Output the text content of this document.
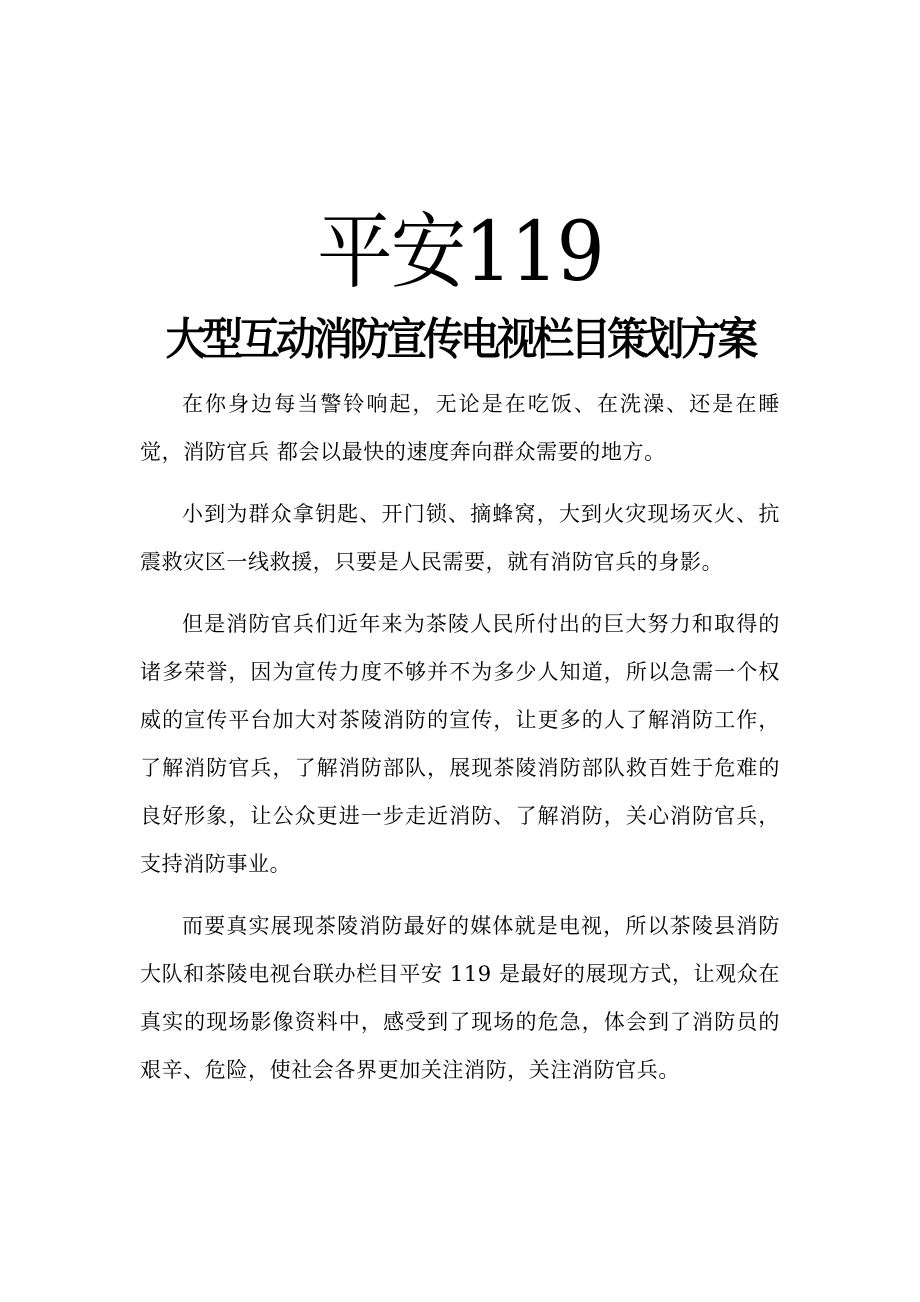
平安119
大型互动消防宣传电视栏目策划方案

在你身边每当警铃响起，无论是在吃饭、在洗澡、还是在睡觉，消防官兵 都会以最快的速度奔向群众需要的地方。

小到为群众拿钥匙、开门锁、摘蜂窝，大到火灾现场灭火、抗震救灾区一线救援，只要是人民需要，就有消防官兵的身影。

但是消防官兵们近年来为茶陵人民所付出的巨大努力和取得的诸多荣誉，因为宣传力度不够并不为多少人知道，所以急需一个权威的宣传平台加大对茶陵消防的宣传，让更多的人了解消防工作，了解消防官兵，了解消防部队，展现茶陵消防部队救百姓于危难的良好形象，让公众更进一步走近消防、了解消防，关心消防官兵，支持消防事业。

而要真实展现茶陵消防最好的媒体就是电视，所以茶陵县消防大队和茶陵电视台联办栏目平安 119 是最好的展现方式，让观众在真实的现场影像资料中，感受到了现场的危急，体会到了消防员的艰辛、危险，使社会各界更加关注消防，关注消防官兵。
